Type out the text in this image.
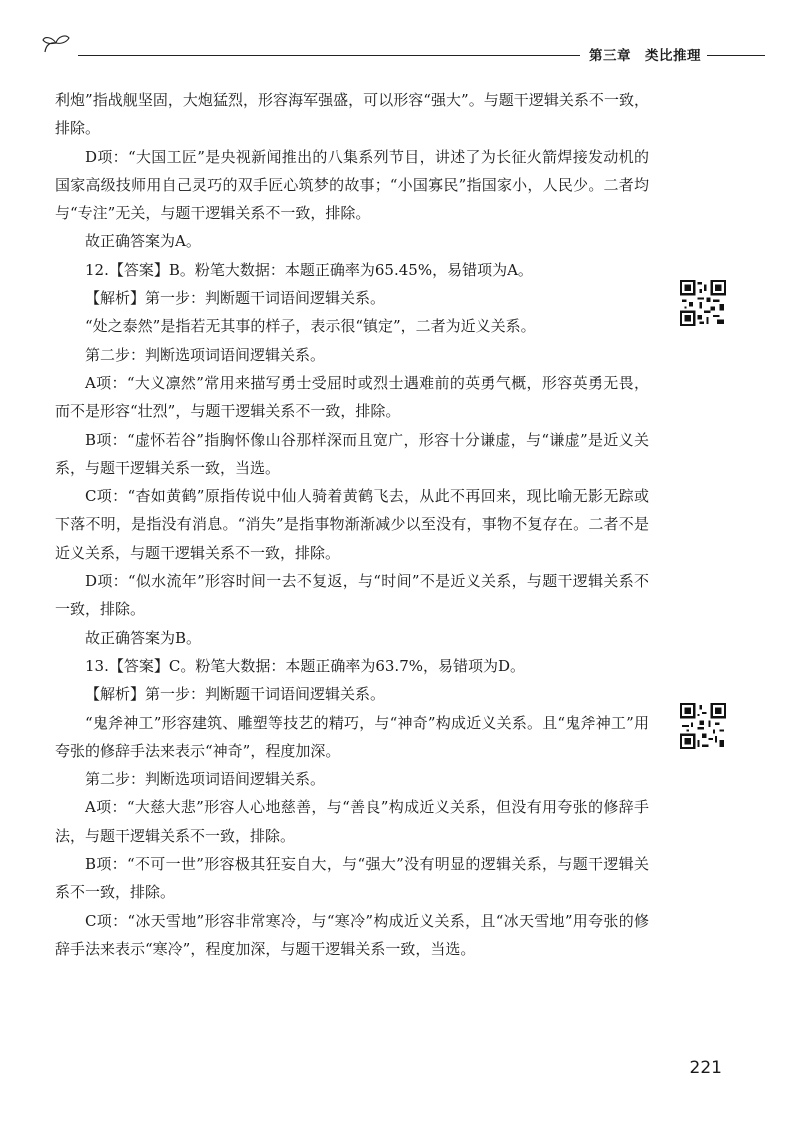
第三章 类比推理

利炮”指战舰坚固，大炮猛烈，形容海军强盛，可以形容“强大”。与题干逻辑关系不一致，排除。

D项：“大国工匠”是央视新闻推出的八集系列节目，讲述了为长征火箭焊接发动机的国家高级技师用自己灵巧的双手匠心筑梦的故事；“小国寡民”指国家小，人民少。二者均与“专注”无关，与题干逻辑关系不一致，排除。

故正确答案为A。

12.【答案】B。粉笔大数据：本题正确率为65.45%，易错项为A。

【解析】第一步：判断题干词语间逻辑关系。

“处之泰然”是指若无其事的样子，表示很“镇定”，二者为近义关系。

第二步：判断选项词语间逻辑关系。

A项：“大义凛然”常用来描写勇士受屈时或烈士遇难前的英勇气概，形容英勇无畏，而不是形容“壮烈”，与题干逻辑关系不一致，排除。

B项：“虚怀若谷”指胸怀像山谷那样深而且宽广，形容十分谦虚，与“谦虚”是近义关系，与题干逻辑关系一致，当选。

C项：“杳如黄鹤”原指传说中仙人骑着黄鹤飞去，从此不再回来，现比喻无影无踪或下落不明，是指没有消息。“消失”是指事物渐渐减少以至没有，事物不复存在。二者不是近义关系，与题干逻辑关系不一致，排除。

D项：“似水流年”形容时间一去不复返，与“时间”不是近义关系，与题干逻辑关系不一致，排除。

故正确答案为B。

13.【答案】C。粉笔大数据：本题正确率为63.7%，易错项为D。

【解析】第一步：判断题干词语间逻辑关系。

“鬼斧神工”形容建筑、雕塑等技艺的精巧，与“神奇”构成近义关系。且“鬼斧神工”用夸张的修辞手法来表示“神奇”，程度加深。

第二步：判断选项词语间逻辑关系。

A项：“大慈大悲”形容人心地慈善，与“善良”构成近义关系，但没有用夸张的修辞手法，与题干逻辑关系不一致，排除。

B项：“不可一世”形容极其狂妄自大，与“强大”没有明显的逻辑关系，与题干逻辑关系不一致，排除。

C项：“冰天雪地”形容非常寒冷，与“寒冷”构成近义关系，且“冰天雪地”用夸张的修辞手法来表示“寒冷”，程度加深，与题干逻辑关系一致，当选。

221
